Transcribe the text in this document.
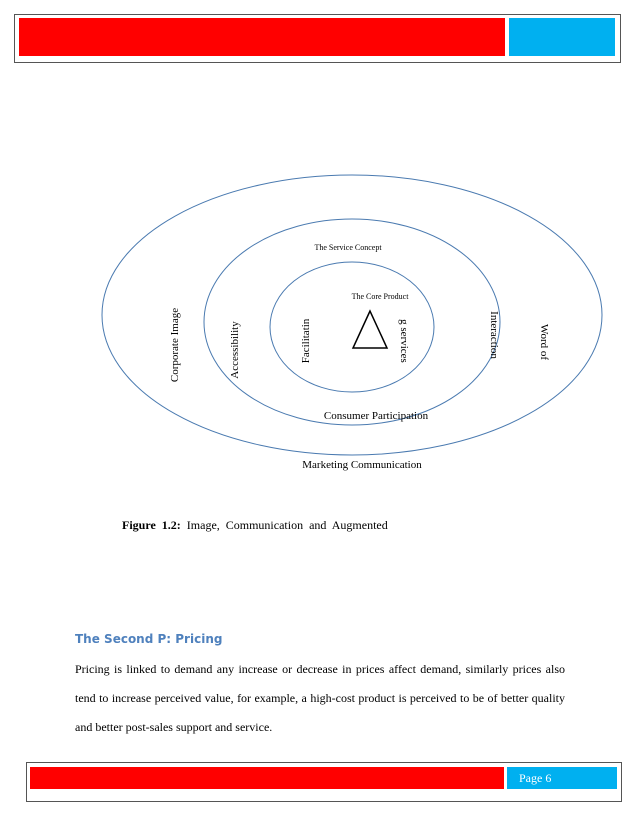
The Service Concept
The Core Product
Corporate Image	Accessibility	Facilitatin	g services	Interaction	Word of
Consumer Participation
Marketing Communication
Figure 1.2: Image, Communication and Augmented
The Second P: Pricing
Pricing is linked to demand any increase or decrease in prices affect demand, similarly prices also tend to increase perceived value, for example, a high-cost product is perceived to be of better quality and better post-sales support and service.
Page 6
